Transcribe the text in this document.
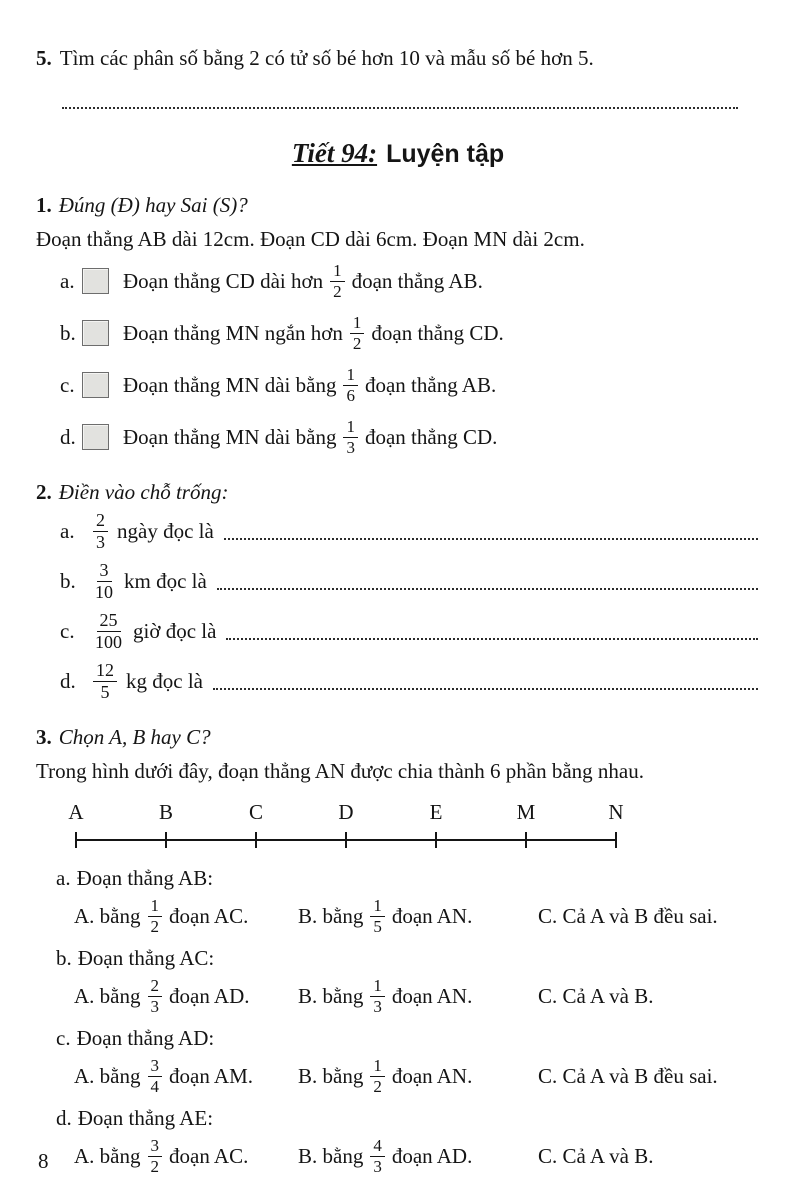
5. Tìm các phân số bằng 2 có tử số bé hơn 10 và mẫu số bé hơn 5.
Tiết 94: Luyện tập
1. Đúng (Đ) hay Sai (S)?
Đoạn thẳng AB dài 12cm. Đoạn CD dài 6cm. Đoạn MN dài 2cm.
a.	Đoạn thẳng CD dài hơn $\frac{1}{2}$ đoạn thẳng AB.
b. Đoạn thẳng MN ngắn hơn $\frac{1}{2}$ đoạn thẳng CD.
c.	Đoạn thẳng MN dài bằng $\frac{1}{6}$ đoạn thẳng AB.
d. Đoạn thẳng MN dài bằng $\frac{1}{3}$ đoạn thẳng CD.
2. Điền vào chỗ trống:
a.	$\frac{2}{3}$ ngày đọc là
b. $\frac{3}{10}$ km đọc là
c.	$\frac{25}{100}$ giờ đọc là
d. $\frac{12}{5}$ kg đọc là
3. Chọn A, B hay C?
Trong hình dưới đây, đoạn thẳng AN được chia thành 6 phần bằng nhau.
A	B	C	D	E	M	N
a. Đoạn thẳng AB:
A. bằng $\frac{1}{2}$ đoạn AC. B. bằng $\frac{1}{5}$ đoạn AN.	C. Cả A và B đều sai.
b. Đoạn thẳng AC:
A. bằng $\frac{2}{3}$ đoạn AD. B. bằng $\frac{1}{3}$ đoạn AN.	C. Cả A và B.
c. Đoạn thẳng AD:
A. bằng $\frac{3}{4}$ đoạn AM. B. bằng $\frac{1}{2}$ đoạn AN.	C. Cả A và B đều sai.
d. Đoạn thẳng AE:
A. bằng $\frac{3}{2}$ đoạn AC. B. bằng $\frac{4}{3}$ đoạn AD.	C. Cả A và B.
8
